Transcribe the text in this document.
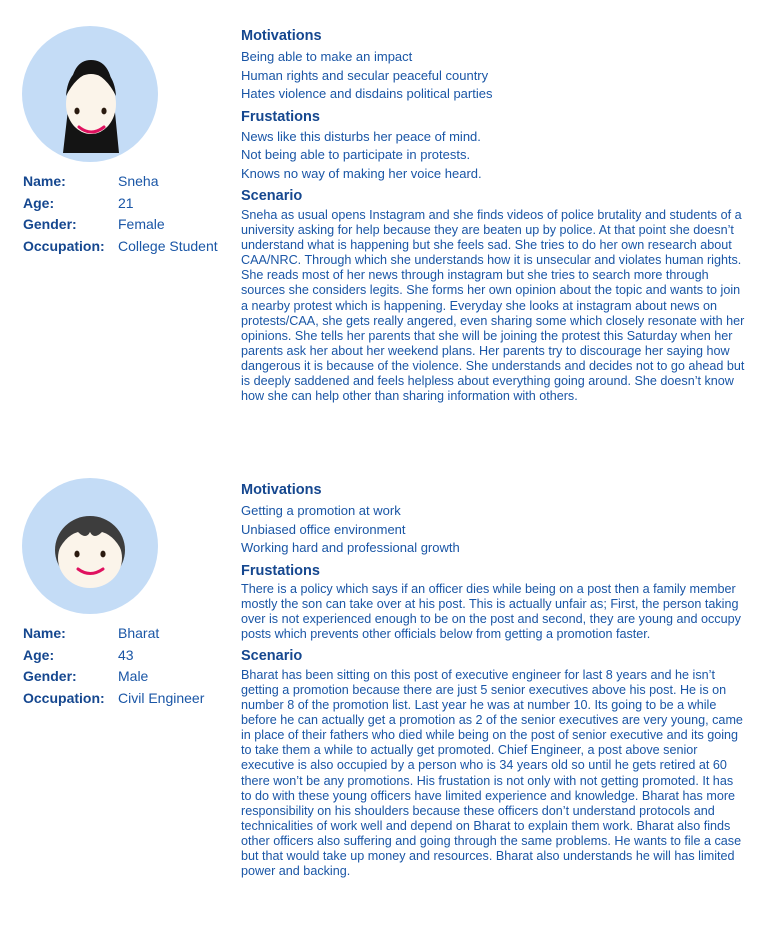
Name:	Sneha
Age:	21
Gender:	Female
Occupation: College Student
Motivations
Being able to make an impact
Human rights and secular peaceful country
Hates violence and disdains political parties
Frustations
News like this disturbs her peace of mind.
Not being able to participate in protests.
Knows no way of making her voice heard.
Scenario

Sneha as usual opens Instagram and she finds videos of police brutality and students of a university asking for help because they are beaten up by police. At that point she doesn’t understand what is happening but she feels sad. She tries to do her own research about CAA/NRC. Through which she understands how it is unsecular and violates human rights. She reads most of her news through instagram but she tries to search more through sources she considers legits. She forms her own opinion about the topic and wants to join a nearby protest which is happening. Everyday she looks at instagram about news on protests/CAA, she gets really angered, even sharing some which closely resonate with her opinions. She tells her parents that she will be joining the protest this Saturday when her parents ask her about her weekend plans. Her parents try to discourage her saying how dangerous it is because of the violence. She understands and decides not to go ahead but is deeply saddened and feels helpless about everything going around. She doesn’t know how she can help other than sharing information with others.

Name:	Bharat
Age:	43
Gender:	Male
Occupation: Civil Engineer
Motivations
Getting a promotion at work
Unbiased office environment
Working hard and professional growth
Frustations

There is a policy which says if an officer dies while being on a post then a family member mostly the son can take over at his post. This is actually unfair as; First, the person taking over is not experienced enough to be on the post and second, they are young and occupy posts which prevents other officials below from getting a promotion faster.

Scenario

Bharat has been sitting on this post of executive engineer for last 8 years and he isn’t getting a promotion because there are just 5 senior executives above his post. He is on number 8 of the promotion list. Last year he was at number 10. Its going to be a while before he can actually get a promotion as 2 of the senior executives are very young, came in place of their fathers who died while being on the post of senior executive and its going to take them a while to actually get promoted. Chief Engineer, a post above senior executive is also occupied by a person who is 34 years old so until he gets retired at 60 there won’t be any promotions. His frustation is not only with not getting promoted. It has to do with these young officers have limited experience and knowledge. Bharat has more responsibility on his shoulders because these officers don’t understand protocols and technicalities of work well and depend on Bharat to explain them work. Bharat also finds other officers also suffering and going through the same problems. He wants to file a case but that would take up money and resources. Bharat also understands he will has limited power and backing.
